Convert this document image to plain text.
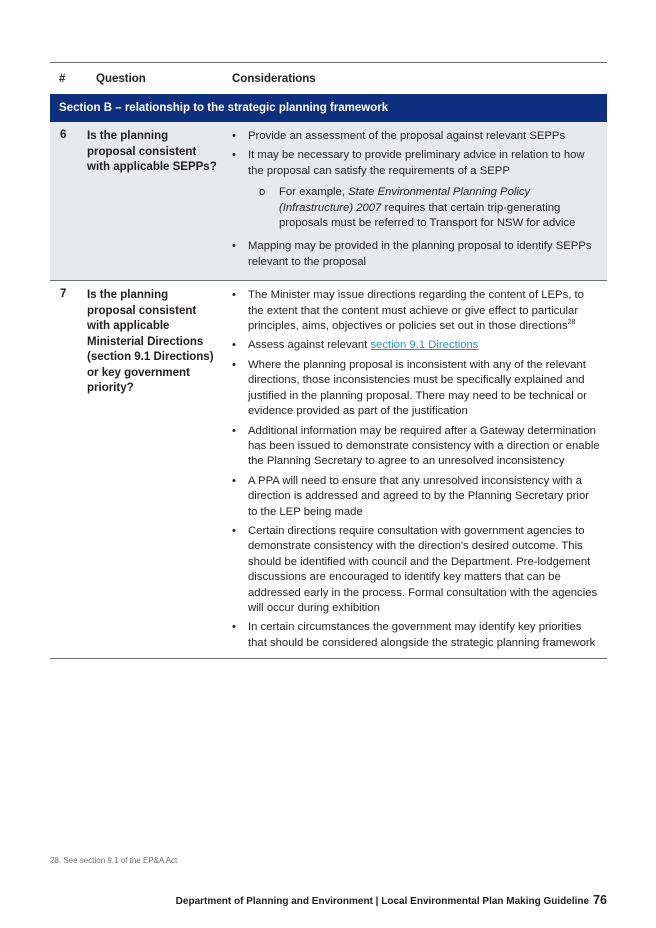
#	Question	Considerations
Section B – relationship to the strategic planning framework
6 Is the planning proposal consistent with applicable SEPPs?
• Provide an assessment of the proposal against relevant SEPPs
• It may be necessary to provide preliminary advice in relation to how the proposal can satisfy the requirements of a SEPP
o For example, State Environmental Planning Policy (Infrastructure) 2007 requires that certain trip-generating proposals must be referred to Transport for NSW for advice
• Mapping may be provided in the planning proposal to identify SEPPs relevant to the proposal
7 Is the planning proposal consistent with applicable Ministerial Directions (section 9.1 Directions) or key government priority?
• The Minister may issue directions regarding the content of LEPs, to the extent that the content must achieve or give effect to particular principles, aims, objectives or policies set out in those directions$^{28}$
• Assess against relevant section 9.1 Directions
• Where the planning proposal is inconsistent with any of the relevant directions, those inconsistencies must be specifically explained and justified in the planning proposal. There may need to be technical or evidence provided as part of the justification
• Additional information may be required after a Gateway determination has been issued to demonstrate consistency with a direction or enable the Planning Secretary to agree to an unresolved inconsistency
• A PPA will need to ensure that any unresolved inconsistency with a direction is addressed and agreed to by the Planning Secretary prior to the LEP being made
• Certain directions require consultation with government agencies to demonstrate consistency with the direction's desired outcome. This should be identified with council and the Department. Pre-lodgement discussions are encouraged to identify key matters that can be addressed early in the process. Formal consultation with the agencies will occur during exhibition
• In certain circumstances the government may identify key priorities that should be considered alongside the strategic planning framework
28. See section 9.1 of the EP&A Act
Department of Planning and Environment | Local Environmental Plan Making Guideline 76
